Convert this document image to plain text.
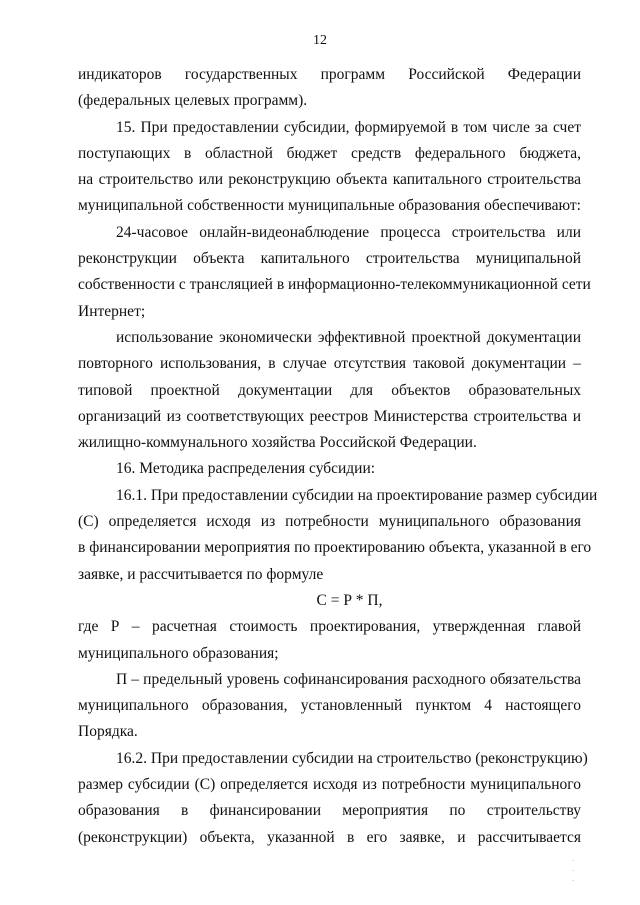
12
индикаторов государственных программ Российской Федерации
(федеральных целевых программ).
15. При предоставлении субсидии, формируемой в том числе за счет
поступающих в областной бюджет средств федерального бюджета,
на строительство или реконструкцию объекта капитального строительства
муниципальной собственности муниципальные образования обеспечивают:
24-часовое онлайн-видеонаблюдение процесса строительства или
реконструкции объекта капитального строительства муниципальной
собственности с трансляцией в информационно-телекоммуникационной сети
Интернет;
использование экономически эффективной проектной документации
повторного использования, в случае отсутствия таковой документации –
типовой проектной документации для объектов образовательных
организаций из соответствующих реестров Министерства строительства и
жилищно-коммунального хозяйства Российской Федерации.
16. Методика распределения субсидии:
16.1. При предоставлении субсидии на проектирование размер субсидии
(С) определяется исходя из потребности муниципального образования
в финансировании мероприятия по проектированию объекта, указанной в его
заявке, и рассчитывается по формуле
С = Р * П,
где Р – расчетная стоимость проектирования, утвержденная главой
муниципального образования;
П – предельный уровень софинансирования расходного обязательства
муниципального образования, установленный пунктом 4 настоящего
Порядка.
16.2. При предоставлении субсидии на строительство (реконструкцию)
размер субсидии (С) определяется исходя из потребности муниципального
образования в финансировании мероприятия по строительству
(реконструкции) объекта, указанной в его заявке, и рассчитывается
·
·
·
